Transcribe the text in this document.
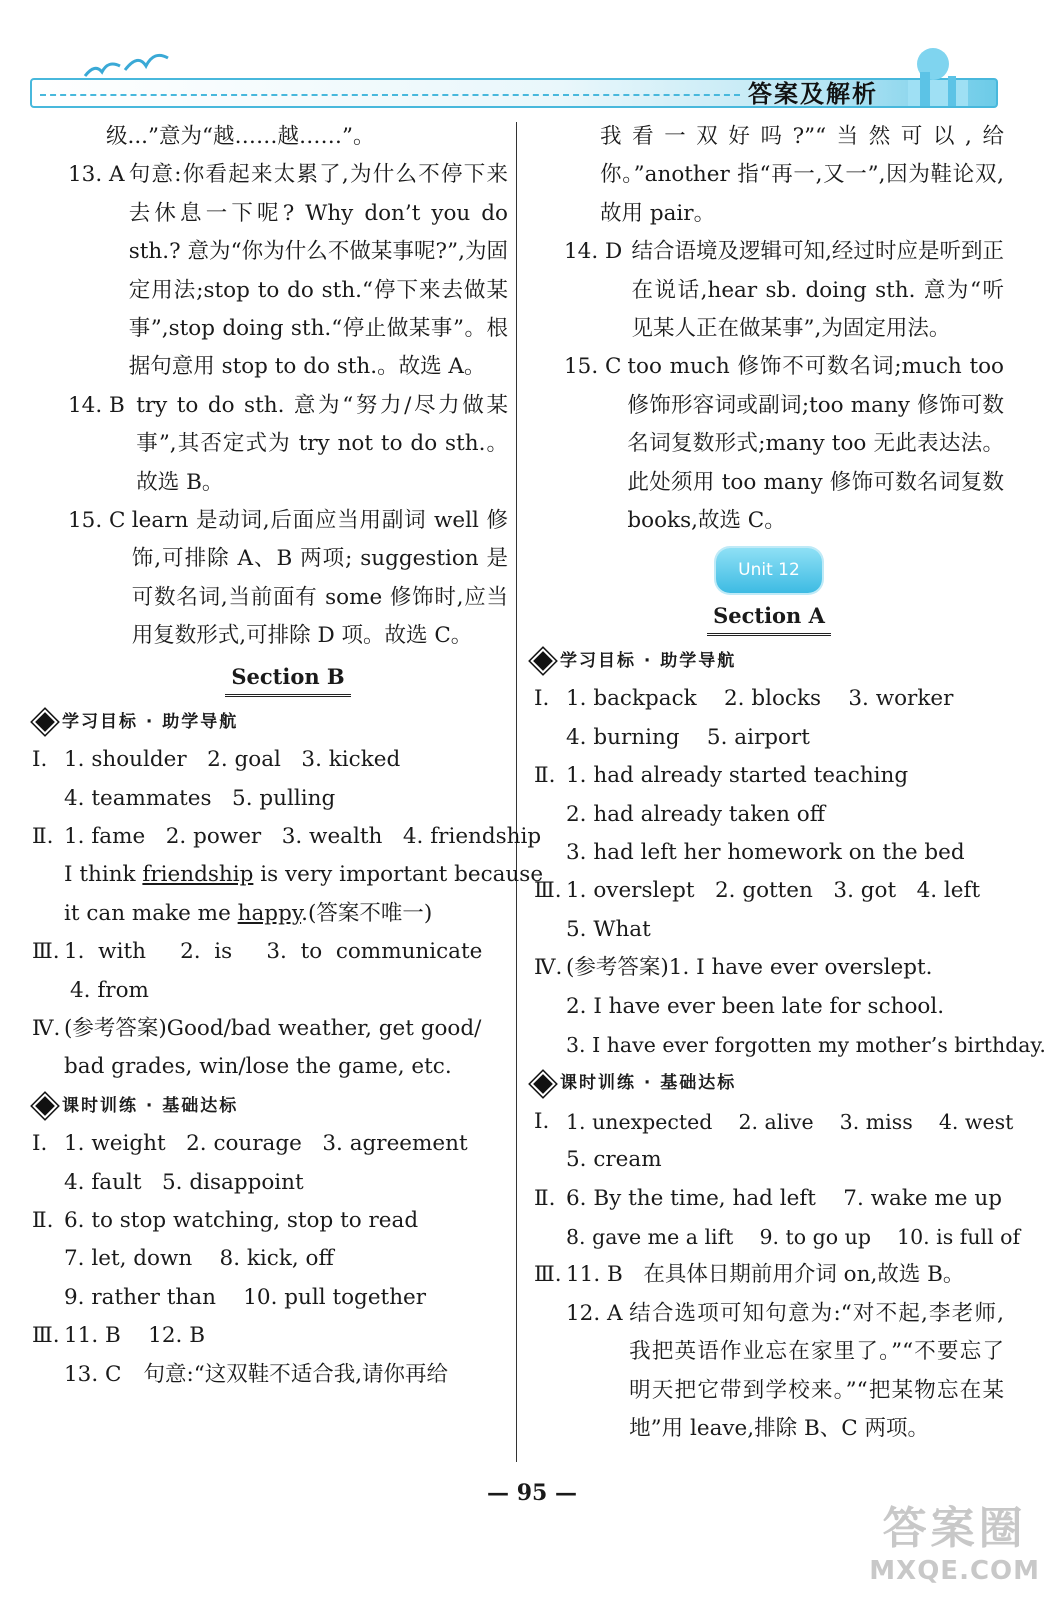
答案及解析

级...”意为“越……越……”。

13. A 句意:你看起来太累了,为什么不停下来去休息一下呢? Why don’t you do sth.? 意为“你为什么不做某事呢?”,为固定用法;stop to do sth.“停下来去做某事”,stop doing sth.“停止做某事”。根据句意用 stop to do sth.。故选 A。
14. B try to do sth. 意为“努力/尽力做某事”,其否定式为 try not to do sth.。故选 B。
15. C learn 是动词,后面应当用副词 well 修饰,可排除 A、B 两项; suggestion 是可数名词,当前面有 some 修饰时,应当用复数形式,可排除 D 项。故选 C。
Section B
学习目标 · 助学导航
Ⅰ. 1. shoulder   2. goal   3. kicked
4. teammates   5. pulling
Ⅱ. 1. fame   2. power   3. wealth   4. friendship
I think friendship is very important because
it can make me happy.(答案不唯一)
Ⅲ. 1.  with     2.  is     3.  to  communicate
4. from
Ⅳ. (参考答案)Good/bad weather, get good/
bad grades, win/lose the game, etc.
课时训练 · 基础达标
Ⅰ. 1. weight   2. courage   3. agreement
4. fault   5. disappoint
Ⅱ. 6. to stop watching, stop to read
7. let, down    8. kick, off
9. rather than    10. pull together
Ⅲ. 11. B    12. B
13. C 句意:“这双鞋不适合我,请你再给

我看一双好吗?”“当然可以,给你。”another 指“再一,又一”,因为鞋论双,故用 pair。

14. D 结合语境及逻辑可知,经过时应是听到正在说话,hear sb. doing sth. 意为“听见某人正在做某事”,为固定用法。
15. C too much 修饰不可数名词;much too 修饰形容词或副词;too many 修饰可数名词复数形式;many too 无此表达法。此处须用 too many 修饰可数名词复数 books,故选 C。
Unit 12
Section A
学习目标 · 助学导航
Ⅰ. 1. backpack    2. blocks    3. worker
4. burning    5. airport
Ⅱ. 1. had already started teaching
2. had already taken off
3. had left her homework on the bed
Ⅲ. 1. overslept   2. gotten   3. got   4. left
5. What
Ⅳ. (参考答案)1. I have ever overslept.
2. I have ever been late for school.
3. I have ever forgotten my mother’s birthday.
课时训练 · 基础达标
Ⅰ. 1. unexpected    2. alive    3. miss    4. west
5. cream
Ⅱ. 6. By the time, had left    7. wake me up
8. gave me a lift    9. to go up    10. is full of
Ⅲ. 11. B   在具体日期前用介词 on,故选 B。
12. A 结合选项可知句意为:“对不起,李老师,我把英语作业忘在家里了。”“不要忘了明天把它带到学校来。”“把某物忘在某地”用 leave,排除 B、C 两项。
— 95 —
答案圈
MXQE.COM
